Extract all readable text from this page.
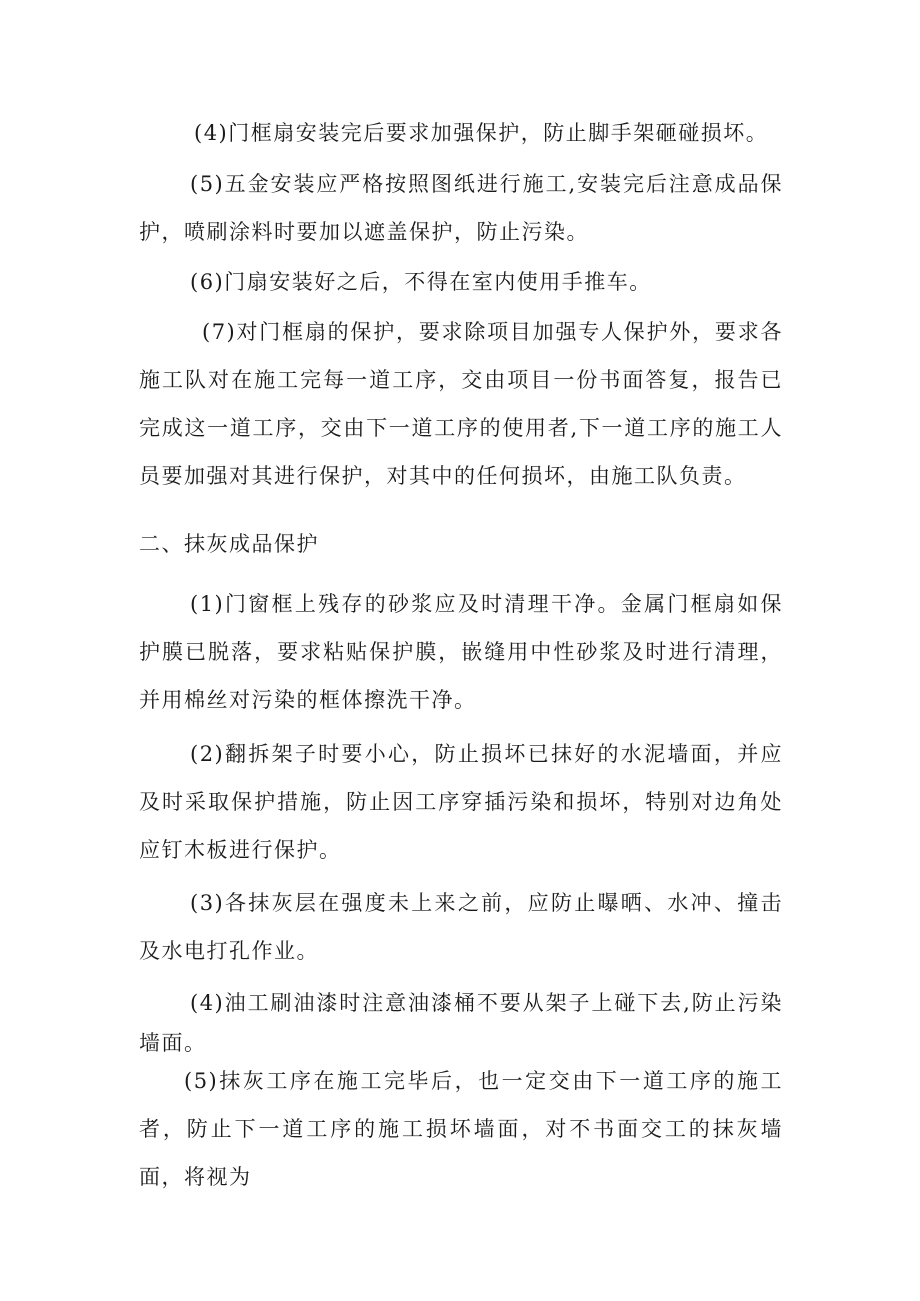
(4)门框扇安装完后要求加强保护，防止脚手架砸碰损坏。

(5)五金安装应严格按照图纸进行施工,安装完后注意成品保护，喷刷涂料时要加以遮盖保护，防止污染。

(6)门扇安装好之后，不得在室内使用手推车。

(7)对门框扇的保护，要求除项目加强专人保护外，要求各施工队对在施工完每一道工序，交由项目一份书面答复，报告已完成这一道工序，交由下一道工序的使用者,下一道工序的施工人员要加强对其进行保护，对其中的任何损坏，由施工队负责。

二、抹灰成品保护

(1)门窗框上残存的砂浆应及时清理干净。金属门框扇如保护膜已脱落，要求粘贴保护膜，嵌缝用中性砂浆及时进行清理，并用棉丝对污染的框体擦洗干净。

(2)翻拆架子时要小心，防止损坏已抹好的水泥墙面，并应及时采取保护措施，防止因工序穿插污染和损坏，特别对边角处应钉木板进行保护。

(3)各抹灰层在强度未上来之前，应防止曝晒、水冲、撞击及水电打孔作业。

(4)油工刷油漆时注意油漆桶不要从架子上碰下去,防止污染墙面。

(5)抹灰工序在施工完毕后，也一定交由下一道工序的施工者，防止下一道工序的施工损坏墙面，对不书面交工的抹灰墙面，将视为
